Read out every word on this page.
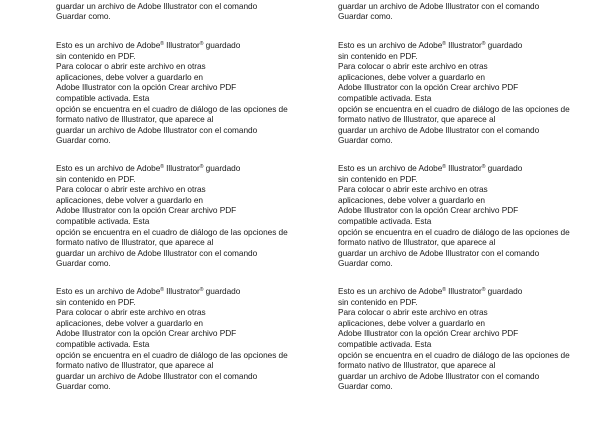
guardar un archivo de Adobe Illustrator con el comando
Guardar como.
guardar un archivo de Adobe Illustrator con el comando
Guardar como.
Esto es un archivo de Adobe® Illustrator® guardado
sin contenido en PDF.
Para colocar o abrir este archivo en otras
aplicaciones, debe volver a guardarlo en
Adobe Illustrator con la opción Crear archivo PDF
compatible activada. Esta
opción se encuentra en el cuadro de diálogo de las opciones de
formato nativo de Illustrator, que aparece al
guardar un archivo de Adobe Illustrator con el comando
Guardar como.
Esto es un archivo de Adobe® Illustrator® guardado
sin contenido en PDF.
Para colocar o abrir este archivo en otras
aplicaciones, debe volver a guardarlo en
Adobe Illustrator con la opción Crear archivo PDF
compatible activada. Esta
opción se encuentra en el cuadro de diálogo de las opciones de
formato nativo de Illustrator, que aparece al
guardar un archivo de Adobe Illustrator con el comando
Guardar como.
Esto es un archivo de Adobe® Illustrator® guardado
sin contenido en PDF.
Para colocar o abrir este archivo en otras
aplicaciones, debe volver a guardarlo en
Adobe Illustrator con la opción Crear archivo PDF
compatible activada. Esta
opción se encuentra en el cuadro de diálogo de las opciones de
formato nativo de Illustrator, que aparece al
guardar un archivo de Adobe Illustrator con el comando
Guardar como.
Esto es un archivo de Adobe® Illustrator® guardado
sin contenido en PDF.
Para colocar o abrir este archivo en otras
aplicaciones, debe volver a guardarlo en
Adobe Illustrator con la opción Crear archivo PDF
compatible activada. Esta
opción se encuentra en el cuadro de diálogo de las opciones de
formato nativo de Illustrator, que aparece al
guardar un archivo de Adobe Illustrator con el comando
Guardar como.
Esto es un archivo de Adobe® Illustrator® guardado
sin contenido en PDF.
Para colocar o abrir este archivo en otras
aplicaciones, debe volver a guardarlo en
Adobe Illustrator con la opción Crear archivo PDF
compatible activada. Esta
opción se encuentra en el cuadro de diálogo de las opciones de
formato nativo de Illustrator, que aparece al
guardar un archivo de Adobe Illustrator con el comando
Guardar como.
Esto es un archivo de Adobe® Illustrator® guardado
sin contenido en PDF.
Para colocar o abrir este archivo en otras
aplicaciones, debe volver a guardarlo en
Adobe Illustrator con la opción Crear archivo PDF
compatible activada. Esta
opción se encuentra en el cuadro de diálogo de las opciones de
formato nativo de Illustrator, que aparece al
guardar un archivo de Adobe Illustrator con el comando
Guardar como.
